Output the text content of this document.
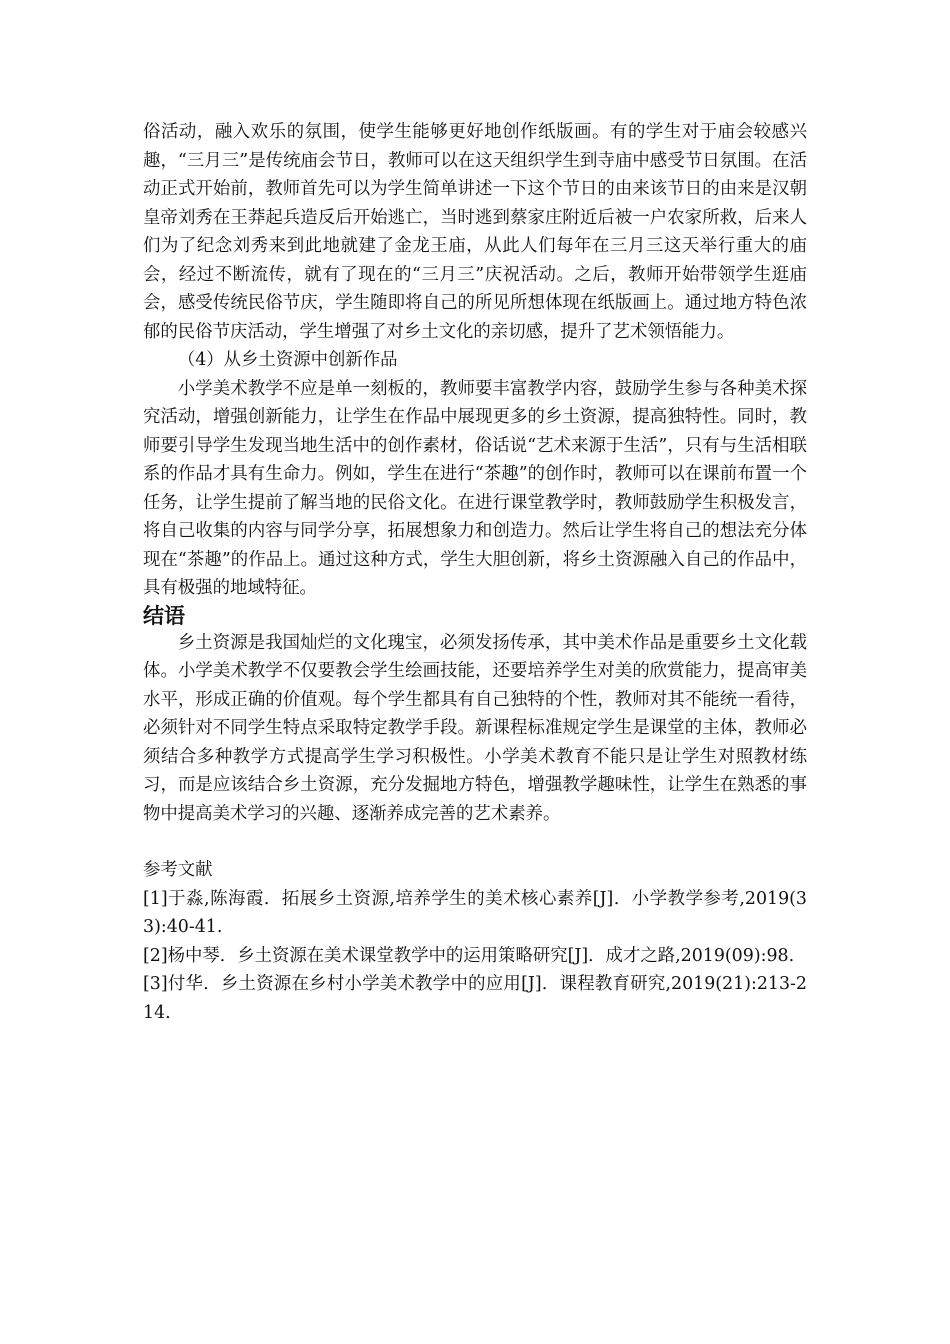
俗活动，融入欢乐的氛围，使学生能够更好地创作纸版画。有的学生对于庙会较感兴趣，“三月三”是传统庙会节日，教师可以在这天组织学生到寺庙中感受节日氛围。在活动正式开始前，教师首先可以为学生简单讲述一下这个节日的由来该节日的由来是汉朝皇帝刘秀在王莽起兵造反后开始逃亡，当时逃到蔡家庄附近后被一户农家所救，后来人们为了纪念刘秀来到此地就建了金龙王庙，从此人们每年在三月三这天举行重大的庙会，经过不断流传，就有了现在的“三月三”庆祝活动。之后，教师开始带领学生逛庙会，感受传统民俗节庆，学生随即将自己的所见所想体现在纸版画上。通过地方特色浓郁的民俗节庆活动，学生增强了对乡土文化的亲切感，提升了艺术领悟能力。

（4）从乡土资源中创新作品

小学美术教学不应是单一刻板的，教师要丰富教学内容，鼓励学生参与各种美术探究活动，增强创新能力，让学生在作品中展现更多的乡土资源，提高独特性。同时，教师要引导学生发现当地生活中的创作素材，俗话说“艺术来源于生活”，只有与生活相联系的作品才具有生命力。例如，学生在进行“茶趣”的创作时，教师可以在课前布置一个任务，让学生提前了解当地的民俗文化。在进行课堂教学时，教师鼓励学生积极发言，将自己收集的内容与同学分享，拓展想象力和创造力。然后让学生将自己的想法充分体现在“茶趣”的作品上。通过这种方式，学生大胆创新，将乡土资源融入自己的作品中，具有极强的地域特征。

结语

乡土资源是我国灿烂的文化瑰宝，必须发扬传承，其中美术作品是重要乡土文化载体。小学美术教学不仅要教会学生绘画技能，还要培养学生对美的欣赏能力，提高审美水平，形成正确的价值观。每个学生都具有自己独特的个性，教师对其不能统一看待，必须针对不同学生特点采取特定教学手段。新课程标准规定学生是课堂的主体，教师必须结合多种教学方式提高学生学习积极性。小学美术教育不能只是让学生对照教材练习，而是应该结合乡土资源，充分发掘地方特色，增强教学趣味性，让学生在熟悉的事物中提高美术学习的兴趣、逐渐养成完善的艺术素养。

参考文献

[1]于淼,陈海霞．拓展乡土资源,培养学生的美术核心素养[J]．小学教学参考,2019(33):40-41.

[2]杨中琴．乡土资源在美术课堂教学中的运用策略研究[J]．成才之路,2019(09):98.

[3]付华．乡土资源在乡村小学美术教学中的应用[J]．课程教育研究,2019(21):213-214.
